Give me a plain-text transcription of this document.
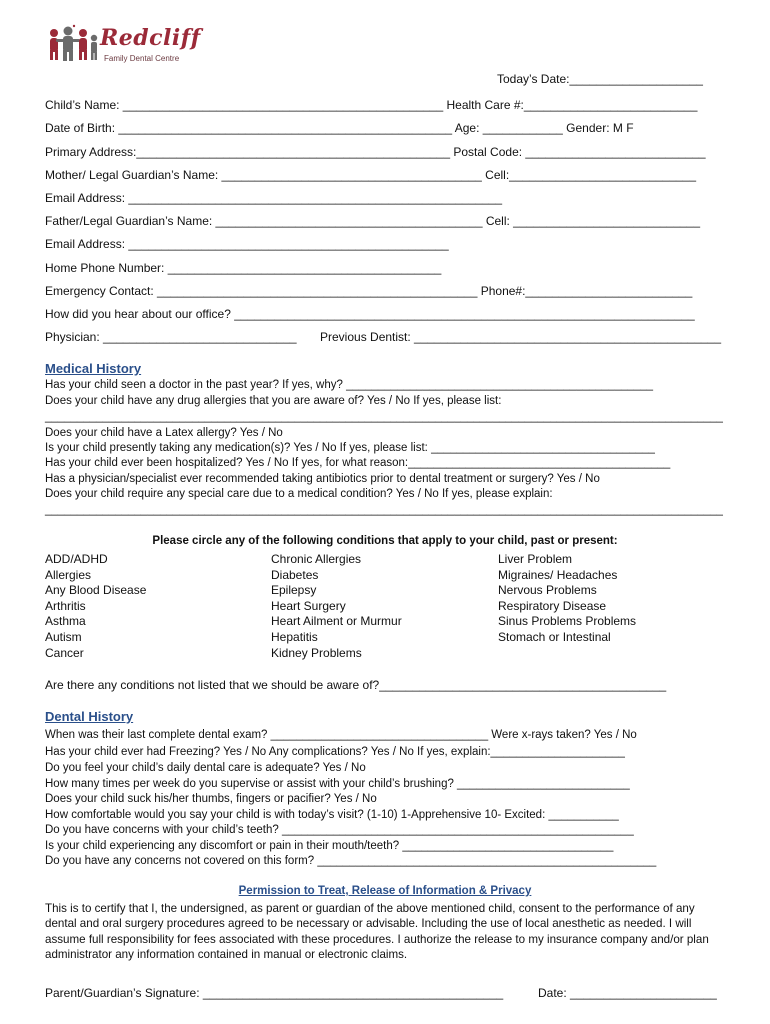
Redcliff
Family Dental Centre
Today’s Date:____________________
Child’s Name: ________________________________________________ Health Care #:__________________________
Date of Birth: __________________________________________________ Age: ____________ Gender: M F
Primary Address:_______________________________________________ Postal Code: ___________________________
Mother/ Legal Guardian’s Name: _______________________________________ Cell:____________________________
Email Address: ________________________________________________________
Father/Legal Guardian’s Name: ________________________________________ Cell: ____________________________
Email Address: ________________________________________________
Home Phone Number: _________________________________________
Emergency Contact: ________________________________________________ Phone#:_________________________
How did you hear about our office? _____________________________________________________________________
Physician: _____________________________ Previous Dentist: ______________________________________________
Medical History
Has your child seen a doctor in the past year? If yes, why? ________________________________________________
Does your child have any drug allergies that you are aware of? Yes / No If yes, please list:
__________________________________________________________________________________________________________
Does your child have a Latex allergy? Yes / No
Is your child presently taking any medication(s)? Yes / No If yes, please list: ___________________________________
Has your child ever been hospitalized? Yes / No If yes, for what reason:_________________________________________
Has a physician/specialist ever recommended taking antibiotics prior to dental treatment or surgery? Yes / No
Does your child require any special care due to a medical condition? Yes / No If yes, please explain:
__________________________________________________________________________________________________________
Please circle any of the following conditions that apply to your child, past or present:
ADD/ADHD
Allergies
Any Blood Disease
Arthritis
Asthma
Autism
Cancer
Chronic Allergies
Diabetes
Epilepsy
Heart Surgery
Heart Ailment or Murmur
Hepatitis
Kidney Problems
Liver Problem
Migraines/ Headaches
Nervous Problems
Respiratory Disease
Sinus Problems Problems
Stomach or Intestinal
Are there any conditions not listed that we should be aware of?___________________________________________
Dental History
When was their last complete dental exam? __________________________________ Were x-rays taken? Yes / No
Has your child ever had Freezing? Yes / No Any complications? Yes / No If yes, explain:_____________________
Do you feel your child’s daily dental care is adequate? Yes / No
How many times per week do you supervise or assist with your child’s brushing? ___________________________
Does your child suck his/her thumbs, fingers or pacifier? Yes / No
How comfortable would you say your child is with today’s visit? (1-10) 1-Apprehensive 10- Excited: ___________
Do you have concerns with your child’s teeth? _______________________________________________________
Is your child experiencing any discomfort or pain in their mouth/teeth? _________________________________
Do you have any concerns not covered on this form? _____________________________________________________
Permission to Treat, Release of Information & Privacy
This is to certify that I, the undersigned, as parent or guardian of the above mentioned child, consent to the performance of any dental and oral surgery procedures agreed to be necessary or advisable. Including the use of local anesthetic as needed. I will assume full responsibility for fees associated with these procedures. I authorize the release to my insurance company and/or plan administrator any information contained in manual or electronic claims.
Parent/Guardian’s Signature: _____________________________________________	Date: ______________________
